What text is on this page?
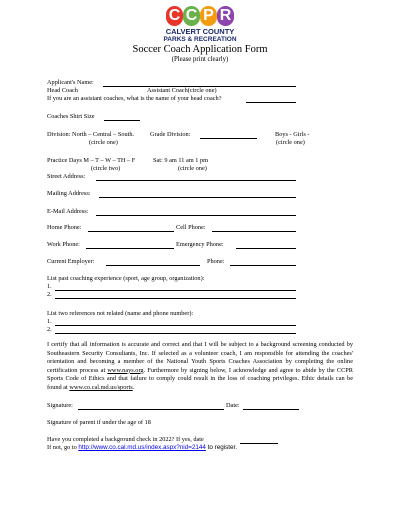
C C P R
CALVERT COUNTY
PARKS & RECREATION
Soccer Coach Application Form
(Please print clearly)
Applicant's Name:
Head Coach	Assistant Coach(circle one)
If you are an assistant coaches, what is the name of your head coach?
Coaches Shirt Size
Division: North – Central – South.	Grade Division:	Boys - Girls -
(circle one)	(circle one)
Practice Days M – T – W – TH – F	Sat: 9 am 11 am 1 pm
(circle two)	(circle one)
Street Address:
Mailing Address:
E-Mail Address:
Home Phone:	Cell Phone:
Work Phone:	Emergency Phone:
Current Employer:	Phone:
List past coaching experience (sport, age group, organization):
1.
2.
List two references not related (name and phone number):
1.
2.
I certify that all information is accurate and correct and that I will be subject to a background screening conducted by Southeastern Security Consultants, Inc. If selected as a volunteer coach, I am responsible for attending the coaches' orientation and becoming a member of the National Youth Sports Coaches Association by completing the online certification process at www.nays.org. Furthermore by signing below, I acknowledge and agree to abide by the CCPR Sports Code of Ethics and that failure to comply could result in the loss of coaching privileges. Ethic details can be found at www.co.cal.md.us/sports.
Signature:	Date:
Signature of parent if under the age of 18
Have you completed a background check in 2022? If yes, date
If not, go to http://www.co.cal.md.us/index.aspx?nid=2144 to register.
